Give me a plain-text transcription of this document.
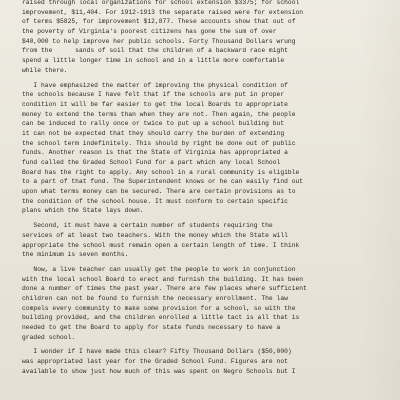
raised through local organizations for school extension $3375; for school
improvement, $11,404. For 1912-1913 the separate raised were for extension
of terms $5825, for improvement $12,877. These accounts show that out of
the poverty of Virginia's poorest citizens has gone the sum of over
$40,000 to help improve her public schools. Forty Thousand Dollars wrung
from the      sands of soil that the children of a backward race might
spend a little longer time in school and in a little more comfortable
while there.
I have emphasized the matter of improving the physical condition of
the schools because I have felt that if the schools are put in proper
condition it will be far easier to get the local Boards to appropriate
money to extend the terms than when they are not. Then again, the people
can be induced to rally once or twice to put up a school building but
it can not be expected that they should carry the burden of extending
the school term indefinitely. This should by right be done out of public
funds. Another reason is that the State of Virginia has appropriated a
fund called the Graded School Fund for a part which any local School
Board has the right to apply. Any school in a rural community is eligible
to a part of that fund. The Superintendent knows or he can easily find out
upon what terms money can be secured. There are certain provisions as to
the condition of the school house. It must conform to certain specific
plans which the State lays down.
Second, it must have a certain number of students requiring the
services of at least two teachers. With the money which the State will
appropriate the school must remain open a certain length of time. I think
the minimum is seven months.
Now, a live teacher can usually get the people to work in conjunction
with the local school Board to erect and furnish the building. It has been
done a number of times the past year. There are few places where sufficient
children can not be found to furnish the necessary enrollment. The law
compels every community to make some provision for a school, so with the
building provided, and the children enrolled a little tact is all that is
needed to get the Board to apply for state funds necessary to have a
graded school.
I wonder if I have made this clear? Fifty Thousand Dollars ($50,000)
was appropriated last year for the Graded School Fund. Figures are not
available to show just how much of this was spent on Negro Schools but I
